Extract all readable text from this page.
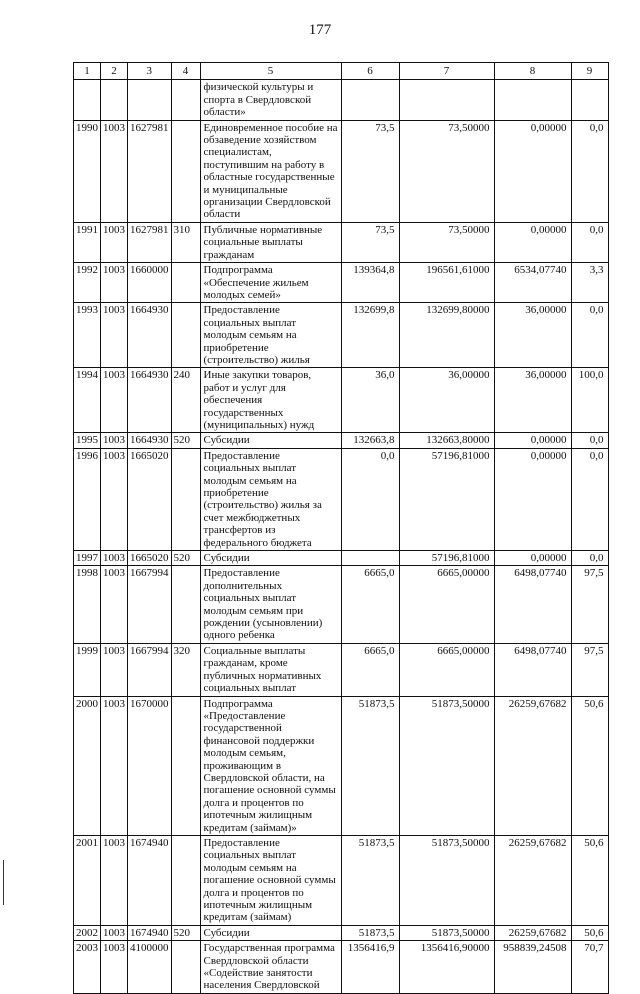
177
1	2	3	4	5	6	7	8	9
				физической культуры и спорта в Свердловской области»				
1990	1003	1627981		Единовременное пособие на обзаведение хозяйством специалистам, поступившим на работу в областные государственные и муниципальные организации Свердловской области	73,5	73,50000	0,00000	0,0
1991	1003	1627981	310	Публичные нормативные социальные выплаты гражданам	73,5	73,50000	0,00000	0,0
1992	1003	1660000		Подпрограмма «Обеспечение жильем молодых семей»	139364,8	196561,61000	6534,07740	3,3
1993	1003	1664930		Предоставление социальных выплат молодым семьям на приобретение (строительство) жилья	132699,8	132699,80000	36,00000	0,0
1994	1003	1664930	240	Иные закупки товаров, работ и услуг для обеспечения государственных (муниципальных) нужд	36,0	36,00000	36,00000	100,0
1995	1003	1664930	520	Субсидии	132663,8	132663,80000	0,00000	0,0
1996	1003	1665020		Предоставление социальных выплат молодым семьям на приобретение (строительство) жилья за счет межбюджетных трансфертов из федерального бюджета	0,0	57196,81000	0,00000	0,0
1997	1003	1665020	520	Субсидии		57196,81000	0,00000	0,0
1998	1003	1667994		Предоставление дополнительных социальных выплат молодым семьям при рождении (усыновлении) одного ребенка	6665,0	6665,00000	6498,07740	97,5
1999	1003	1667994	320	Социальные выплаты гражданам, кроме публичных нормативных социальных выплат	6665,0	6665,00000	6498,07740	97,5
2000	1003	1670000		Подпрограмма «Предоставление государственной финансовой поддержки молодым семьям, проживающим в Свердловской области, на погашение основной суммы долга и процентов по ипотечным жилищным кредитам (займам)»	51873,5	51873,50000	26259,67682	50,6
2001	1003	1674940		Предоставление социальных выплат молодым семьям на погашение основной суммы долга и процентов по ипотечным жилищным кредитам (займам)	51873,5	51873,50000	26259,67682	50,6
2002	1003	1674940	520	Субсидии	51873,5	51873,50000	26259,67682	50,6
2003	1003	4100000		Государственная программа Свердловской области «Содействие занятости населения Свердловской	1356416,9	1356416,90000	958839,24508	70,7
